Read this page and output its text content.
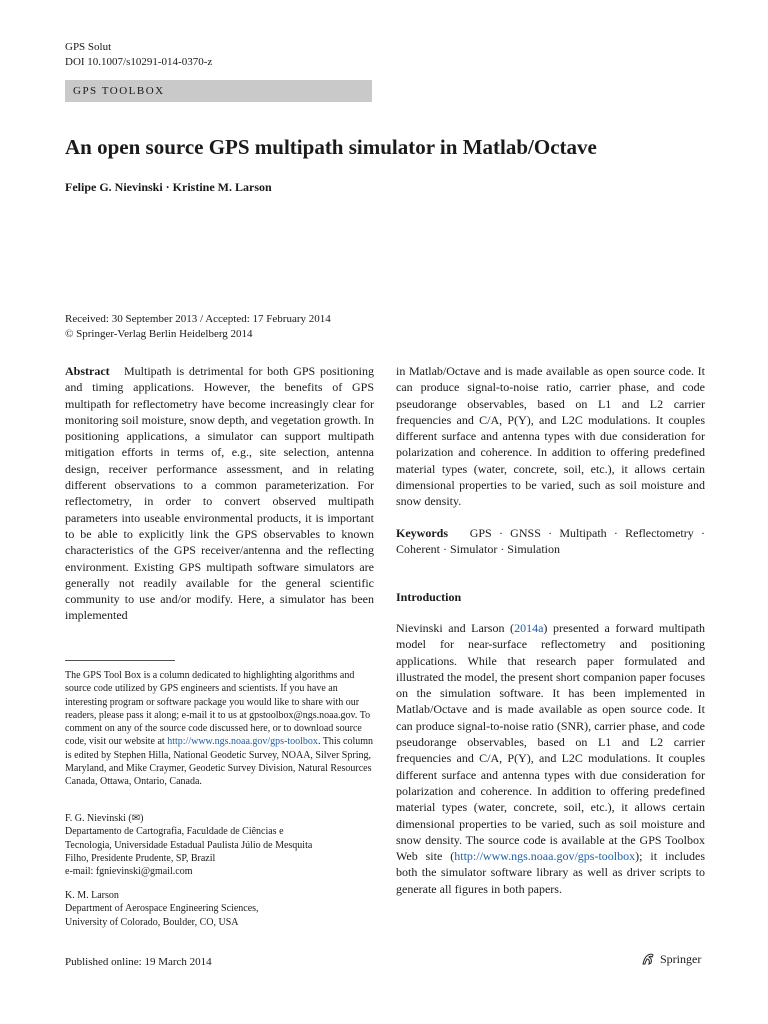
GPS Solut
DOI 10.1007/s10291-014-0370-z
GPS TOOLBOX
An open source GPS multipath simulator in Matlab/Octave
Felipe G. Nievinski · Kristine M. Larson
Received: 30 September 2013 / Accepted: 17 February 2014
© Springer-Verlag Berlin Heidelberg 2014

Abstract Multipath is detrimental for both GPS positioning and timing applications. However, the benefits of GPS multipath for reflectometry have become increasingly clear for monitoring soil moisture, snow depth, and vegetation growth. In positioning applications, a simulator can support multipath mitigation efforts in terms of, e.g., site selection, antenna design, receiver performance assessment, and in relating different observations to a common parameterization. For reflectometry, in order to convert observed multipath parameters into useable environmental products, it is important to be able to explicitly link the GPS observables to known characteristics of the GPS receiver/antenna and the reflecting environment. Existing GPS multipath software simulators are generally not readily available for the general scientific community to use and/or modify. Here, a simulator has been implemented

The GPS Tool Box is a column dedicated to highlighting algorithms and source code utilized by GPS engineers and scientists. If you have an interesting program or software package you would like to share with our readers, please pass it along; e-mail it to us at gpstoolbox@ngs.noaa.gov. To comment on any of the source code discussed here, or to download source code, visit our website at http://www.ngs.noaa.gov/gps-toolbox. This column is edited by Stephen Hilla, National Geodetic Survey, NOAA, Silver Spring, Maryland, and Mike Craymer, Geodetic Survey Division, Natural Resources Canada, Ottawa, Ontario, Canada.

F. G. Nievinski (✉)

Departamento de Cartografia, Faculdade de Ciências e

Tecnologia, Universidade Estadual Paulista Júlio de Mesquita

Filho, Presidente Prudente, SP, Brazil

e-mail: fgnievinski@gmail.com

K. M. Larson

Department of Aerospace Engineering Sciences,

University of Colorado, Boulder, CO, USA

in Matlab/Octave and is made available as open source code. It can produce signal-to-noise ratio, carrier phase, and code pseudorange observables, based on L1 and L2 carrier frequencies and C/A, P(Y), and L2C modulations. It couples different surface and antenna types with due consideration for polarization and coherence. In addition to offering predefined material types (water, concrete, soil, etc.), it allows certain dimensional properties to be varied, such as soil moisture and snow density.

Keywords GPS · GNSS · Multipath · Reflectometry · Coherent · Simulator · Simulation

Introduction

Nievinski and Larson (2014a) presented a forward multipath model for near-surface reflectometry and positioning applications. While that research paper formulated and illustrated the model, the present short companion paper focuses on the simulation software. It has been implemented in Matlab/Octave and is made available as open source code. It can produce signal-to-noise ratio (SNR), carrier phase, and code pseudorange observables, based on L1 and L2 carrier frequencies and C/A, P(Y), and L2C modulations. It couples different surface and antenna types with due consideration for polarization and coherence. In addition to offering predefined material types (water, concrete, soil, etc.), it allows certain dimensional properties to be varied, such as soil moisture and snow density. The source code is available at the GPS Toolbox Web site (http://www.ngs.noaa.gov/gps-toolbox); it includes both the simulator software library as well as driver scripts to generate all figures in both papers.

Published online: 19 March 2014	Springer
